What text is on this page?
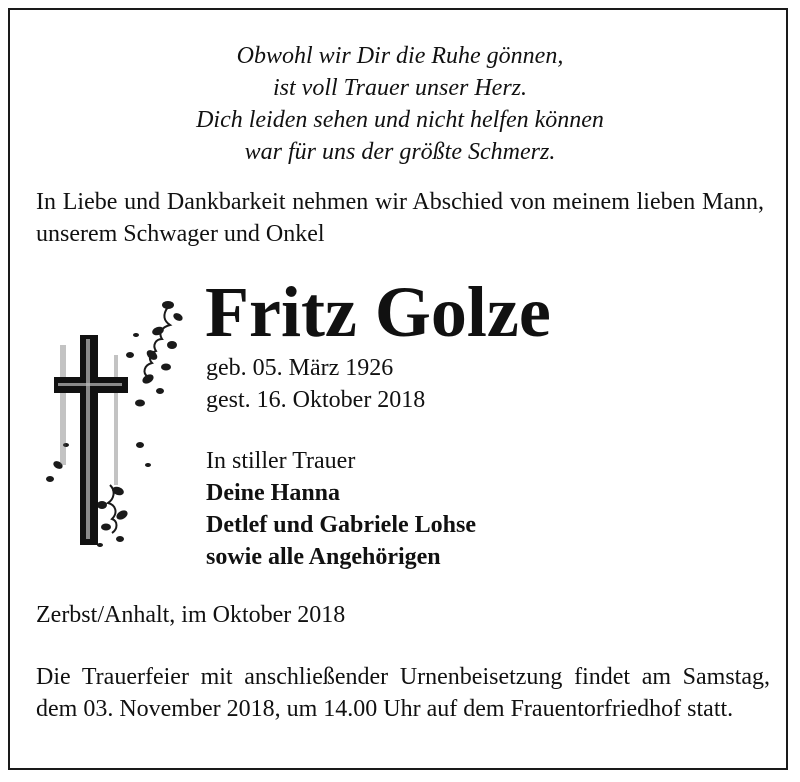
Obwohl wir Dir die Ruhe gönnen,
ist voll Trauer unser Herz.
Dich leiden sehen und nicht helfen können
war für uns der größte Schmerz.
In Liebe und Dankbarkeit nehmen wir Abschied von meinem lieben Mann, unserem Schwager und Onkel
Fritz Golze
geb. 05. März 1926
gest. 16. Oktober 2018
In stiller Trauer
Deine Hanna
Detlef und Gabriele Lohse
sowie alle Angehörigen
Zerbst/Anhalt, im Oktober 2018
Die Trauerfeier mit anschließender Urnenbeisetzung findet am Samstag, dem 03. November 2018, um 14.00 Uhr auf dem Frauentorfriedhof statt.
